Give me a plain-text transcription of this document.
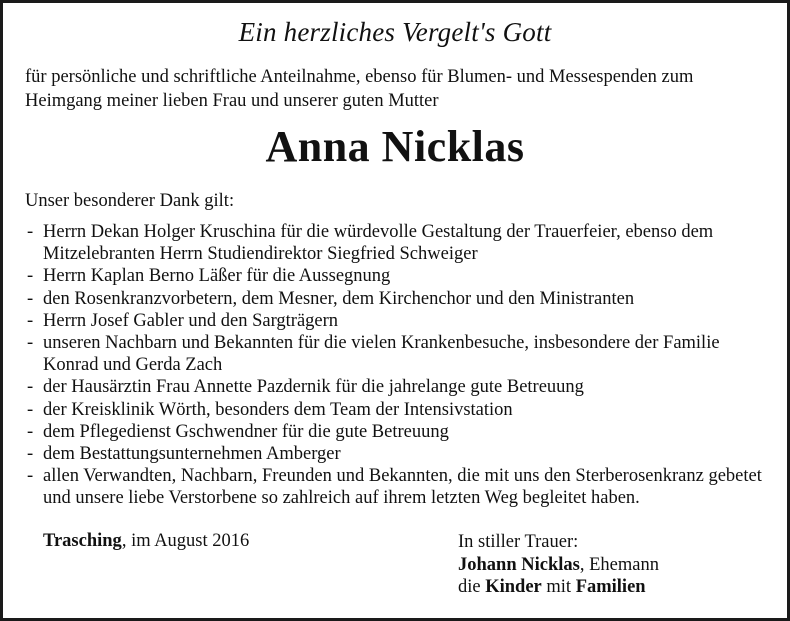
Ein herzliches Vergelt's Gott
für persönliche und schriftliche Anteilnahme, ebenso für Blumen- und Messespenden zum Heimgang meiner lieben Frau und unserer guten Mutter
Anna Nicklas
Unser besonderer Dank gilt:
- Herrn Dekan Holger Kruschina für die würdevolle Gestaltung der Trauerfeier, ebenso dem Mitzelebranten Herrn Studiendirektor Siegfried Schweiger
- Herrn Kaplan Berno Läßer für die Aussegnung
- den Rosenkranzvorbetern, dem Mesner, dem Kirchenchor und den Ministranten
- Herrn Josef Gabler und den Sargträgern
- unseren Nachbarn und Bekannten für die vielen Krankenbesuche, insbesondere der Familie Konrad und Gerda Zach
- der Hausärztin Frau Annette Pazdernik für die jahrelange gute Betreuung
- der Kreisklinik Wörth, besonders dem Team der Intensivstation
- dem Pflegedienst Gschwendner für die gute Betreuung
- dem Bestattungsunternehmen Amberger
- allen Verwandten, Nachbarn, Freunden und Bekannten, die mit uns den Sterberosenkranz gebetet und unsere liebe Verstorbene so zahlreich auf ihrem letzten Weg begleitet haben.
Trasching, im August 2016	In stiller Trauer:
Johann Nicklas, Ehemann
die Kinder mit Familien
